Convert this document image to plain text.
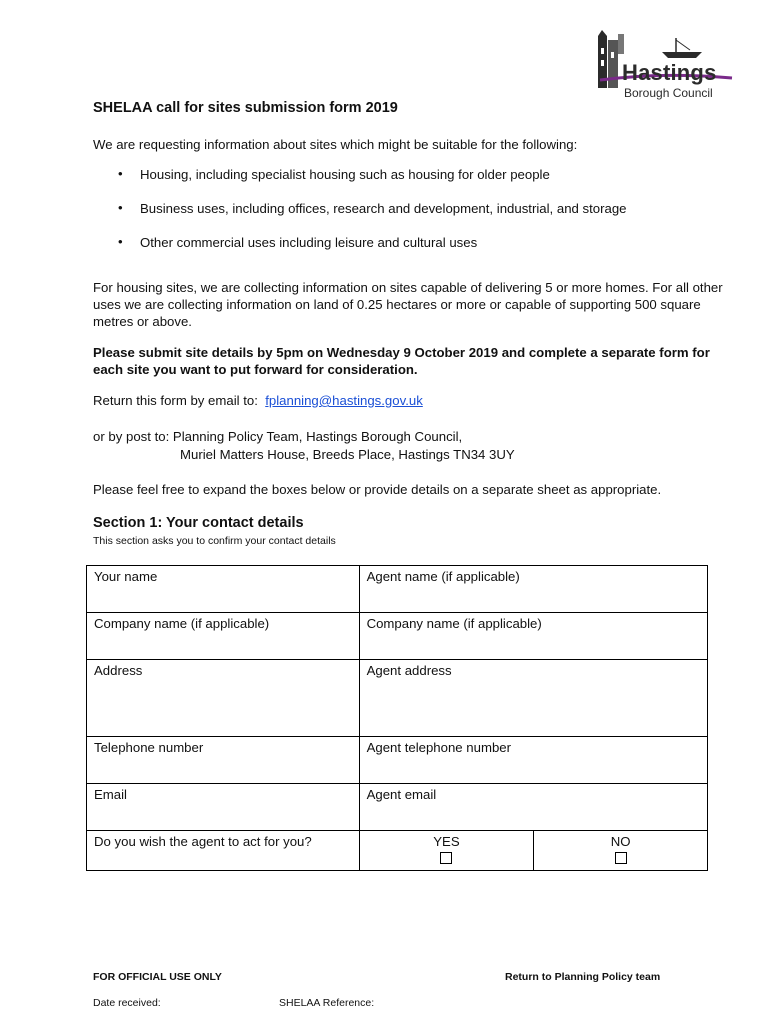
Hastings
Borough Council
SHELAA call for sites submission form 2019

We are requesting information about sites which might be suitable for the following:

• Housing, including specialist housing such as housing for older people
• Business uses, including offices, research and development, industrial, and storage
• Other commercial uses including leisure and cultural uses

For housing sites, we are collecting information on sites capable of delivering 5 or more homes. For all other uses we are collecting information on land of 0.25 hectares or more or capable of supporting 500 square metres or above.

Please submit site details by 5pm on Wednesday 9 October 2019 and complete a separate form for each site you want to put forward for consideration.

Return this form by email to: fplanning@hastings.gov.uk

or by post to: Planning Policy Team, Hastings Borough Council,

Muriel Matters House, Breeds Place, Hastings TN34 3UY

Please feel free to expand the boxes below or provide details on a separate sheet as appropriate.

Section 1: Your contact details
This section asks you to confirm your contact details
Your name	Agent name (if applicable)	
Company name (if applicable)	Company name (if applicable)	
Address	Agent address	
Telephone number	Agent telephone number	
Email	Agent email	
Do you wish the agent to act for you?	YES	NO
FOR OFFICIAL USE ONLY	Return to Planning Policy team
Date received:	SHELAA Reference:
